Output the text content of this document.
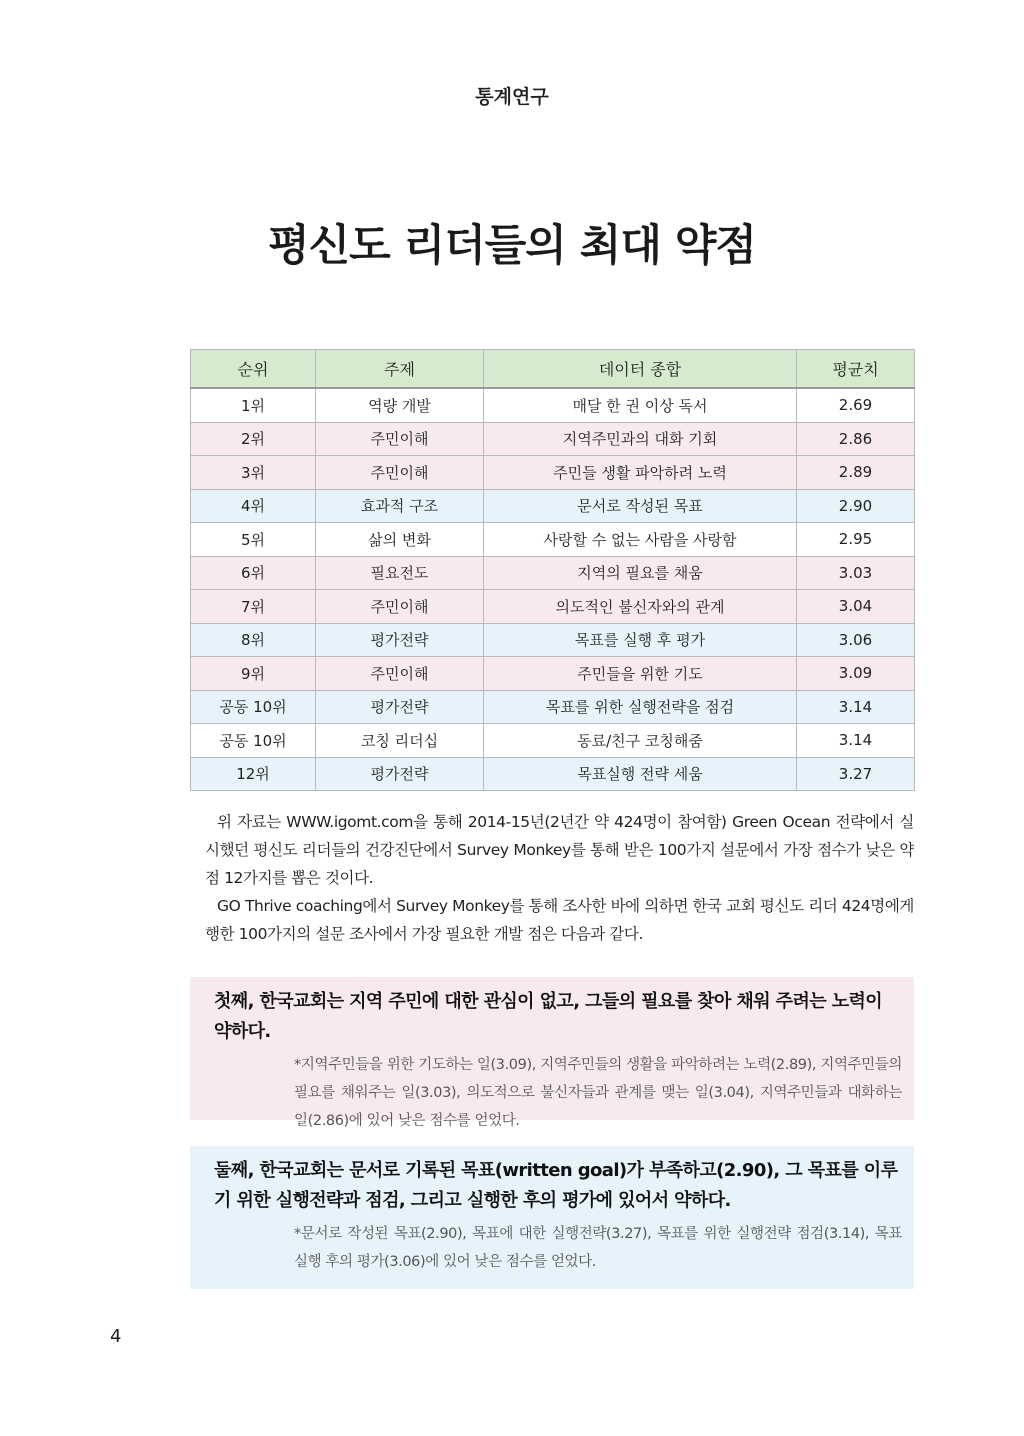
통계연구
평신도 리더들의 최대 약점
순위	주제	데이터 종합	평균치
1위	역량 개발	매달 한 권 이상 독서	2.69
2위	주민이해	지역주민과의 대화 기회	2.86
3위	주민이해	주민들 생활 파악하려 노력	2.89
4위	효과적 구조	문서로 작성된 목표	2.90
5위	삶의 변화	사랑할 수 없는 사람을 사랑함	2.95
6위	필요전도	지역의 필요를 채움	3.03
7위	주민이해	의도적인 불신자와의 관계	3.04
8위	평가전략	목표를 실행 후 평가	3.06
9위	주민이해	주민들을 위한 기도	3.09
공동 10위	평가전략	목표를 위한 실행전략을 점검	3.14
공동 10위	코칭 리더십	동료/친구 코칭해줌	3.14
12위	평가전략	목표실행 전략 세움	3.27

위 자료는 WWW.igomt.com을 통해 2014-15년(2년간 약 424명이 참여함) Green Ocean 전략에서 실시했던 평신도 리더들의 건강진단에서 Survey Monkey를 통해 받은 100가지 설문에서 가장 점수가 낮은 약점 12가지를 뽑은 것이다.

GO Thrive coaching에서 Survey Monkey를 통해 조사한 바에 의하면 한국 교회 평신도 리더 424명에게 행한 100가지의 설문 조사에서 가장 필요한 개발 점은 다음과 같다.

첫째, 한국교회는 지역 주민에 대한 관심이 없고, 그들의 필요를 찾아 채워 주려는 노력이 약하다.
*지역주민들을 위한 기도하는 일(3.09), 지역주민들의 생활을 파악하려는 노력(2.89), 지역주민들의 필요를 채워주는 일(3.03), 의도적으로 불신자들과 관계를 맺는 일(3.04), 지역주민들과 대화하는 일(2.86)에 있어 낮은 점수를 얻었다.
둘째, 한국교회는 문서로 기록된 목표(written goal)가 부족하고(2.90), 그 목표를 이루기 위한 실행전략과 점검, 그리고 실행한 후의 평가에 있어서 약하다.
*문서로 작성된 목표(2.90), 목표에 대한 실행전략(3.27), 목표를 위한 실행전략 점검(3.14), 목표 실행 후의 평가(3.06)에 있어 낮은 점수를 얻었다.
4
